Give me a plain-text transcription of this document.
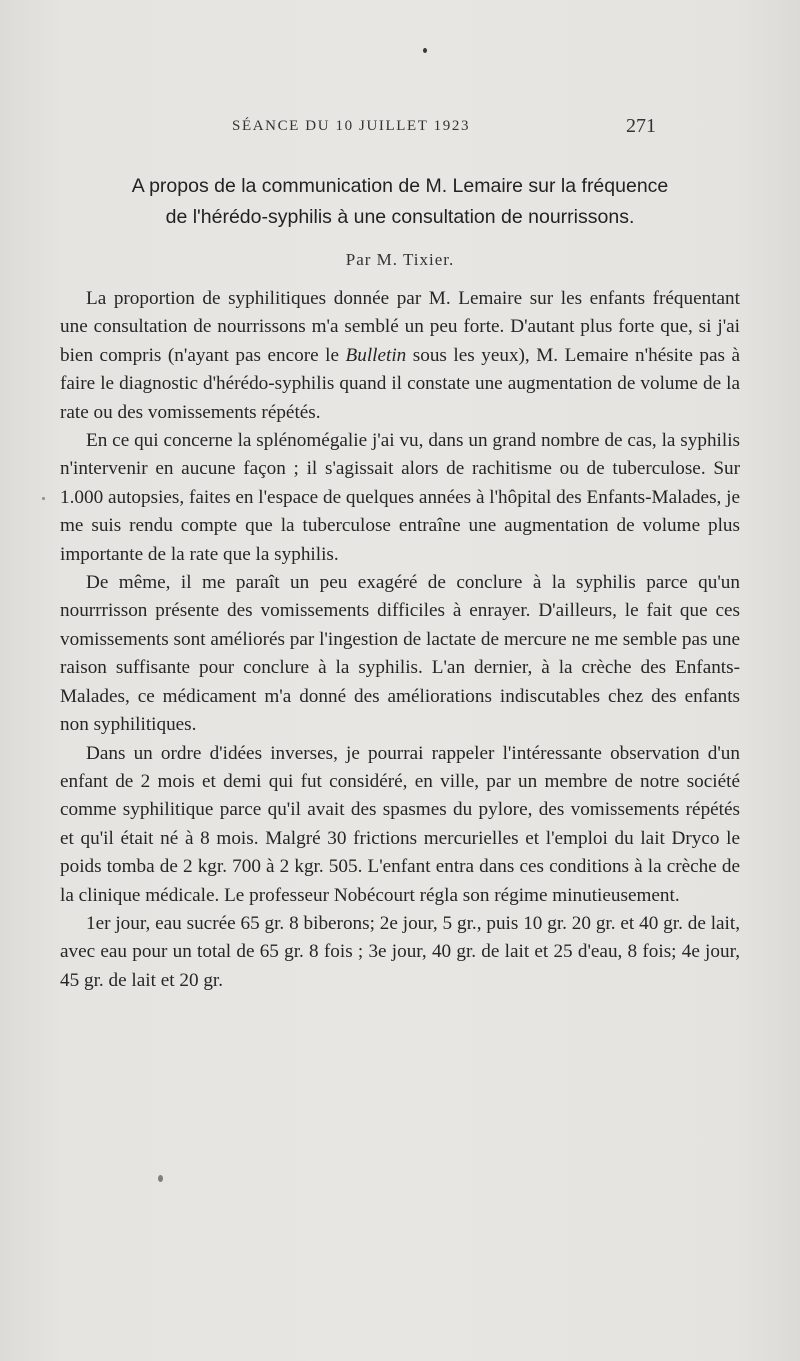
SÉANCE DU 10 JUILLET 1923	271
A propos de la communication de M. Lemaire sur la fréquence
de l'hérédo-syphilis à une consultation de nourrissons.
Par M. Tixier.

La proportion de syphilitiques donnée par M. Lemaire sur les enfants fréquentant une consultation de nourrissons m'a semblé un peu forte. D'autant plus forte que, si j'ai bien compris (n'ayant pas encore le Bulletin sous les yeux), M. Lemaire n'hésite pas à faire le diagnostic d'hérédo-syphilis quand il constate une augmentation de volume de la rate ou des vomissements répétés.

En ce qui concerne la splénomégalie j'ai vu, dans un grand nombre de cas, la syphilis n'intervenir en aucune façon ; il s'agissait alors de rachitisme ou de tuberculose. Sur 1.000 autopsies, faites en l'espace de quelques années à l'hôpital des Enfants-Malades, je me suis rendu compte que la tuberculose entraîne une augmentation de volume plus importante de la rate que la syphilis.

De même, il me paraît un peu exagéré de conclure à la syphilis parce qu'un nourrrisson présente des vomissements difficiles à enrayer. D'ailleurs, le fait que ces vomissements sont améliorés par l'ingestion de lactate de mercure ne me semble pas une raison suffisante pour conclure à la syphilis. L'an dernier, à la crèche des Enfants-Malades, ce médicament m'a donné des améliorations indiscutables chez des enfants non syphilitiques.

Dans un ordre d'idées inverses, je pourrai rappeler l'intéressante observation d'un enfant de 2 mois et demi qui fut considéré, en ville, par un membre de notre société comme syphilitique parce qu'il avait des spasmes du pylore, des vomissements répétés et qu'il était né à 8 mois. Malgré 30 frictions mercurielles et l'emploi du lait Dryco le poids tomba de 2 kgr. 700 à 2 kgr. 505. L'enfant entra dans ces conditions à la crèche de la clinique médicale. Le professeur Nobécourt régla son régime minutieusement.

1er jour, eau sucrée 65 gr. 8 biberons; 2e jour, 5 gr., puis 10 gr. 20 gr. et 40 gr. de lait, avec eau pour un total de 65 gr. 8 fois ; 3e jour, 40 gr. de lait et 25 d'eau, 8 fois; 4e jour, 45 gr. de lait et 20 gr.
